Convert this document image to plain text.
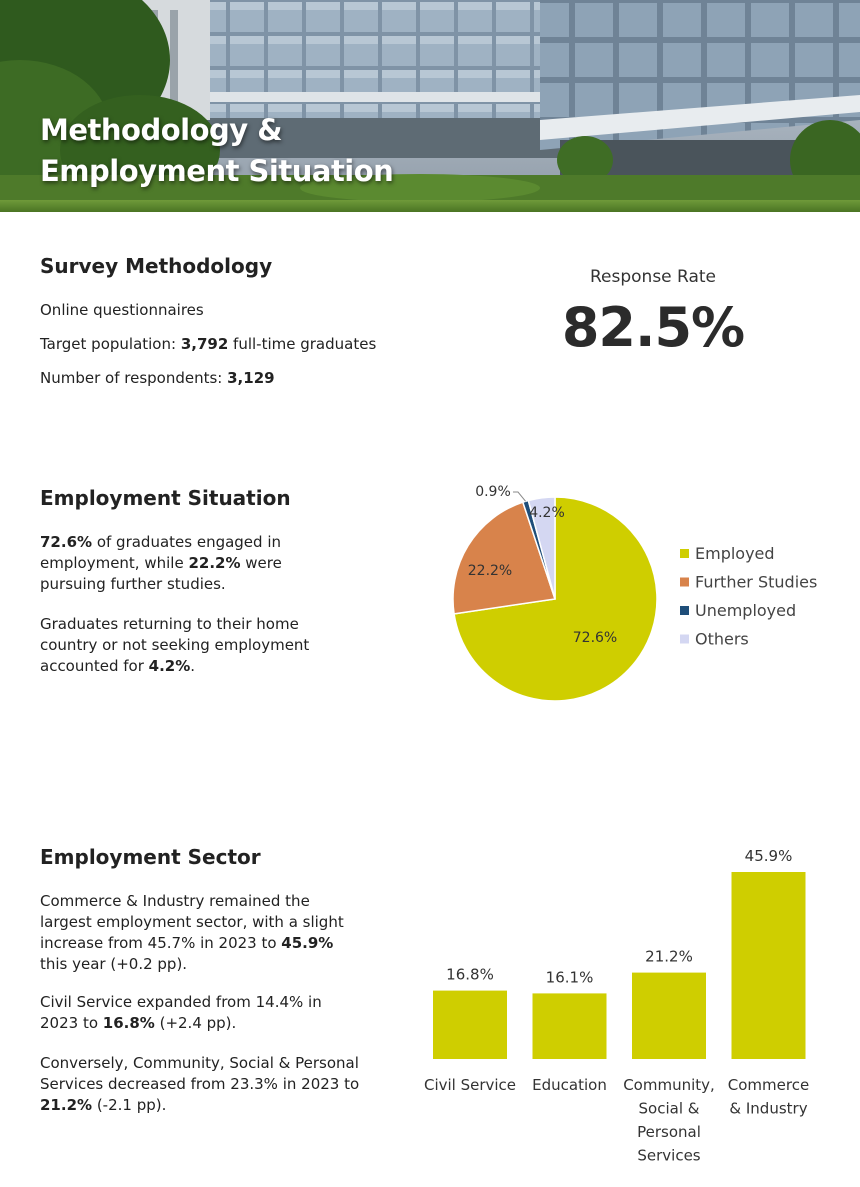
Methodology &
Employment Situation
Survey Methodology

Online questionnaires

Target population: 3,792 full-time graduates

Number of respondents: 3,129

Response Rate

82.5%

Employment Situation

72.6% of graduates engaged in employment, while 22.2% were pursuing further studies.

Graduates returning to their home country or not seeking employment accounted for 4.2%.

72.6%
22.2%
0.9%
4.2%
Employed
Further Studies
Unemployed
Others
Employment Sector

Commerce & Industry remained the largest employment sector, with a slight increase from 45.7% in 2023 to 45.9% this year (+0.2 pp).

Civil Service expanded from 14.4% in 2023 to 16.8% (+2.4 pp).

Conversely, Community, Social & Personal Services decreased from 23.3% in 2023 to 21.2% (-2.1 pp).

16.8%
Civil Service
16.1%
Education
21.2%
Community, Social & Personal Services
45.9%
Commerce & Industry
